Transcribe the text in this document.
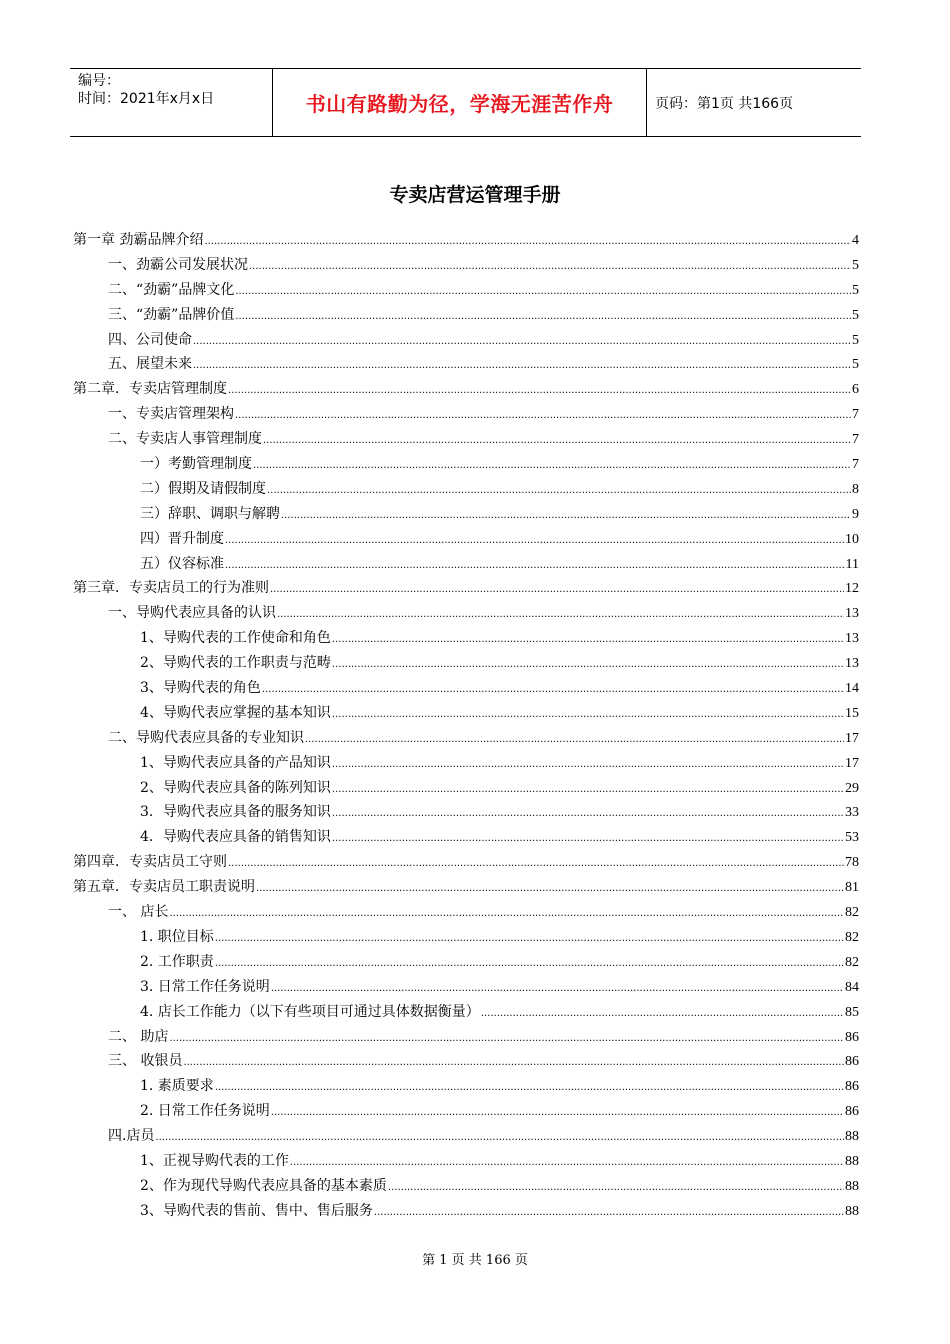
编号：
时间：2021年x月x日	书山有路勤为径，学海无涯苦作舟	页码：第1页 共166页
专卖店营运管理手册
第一章 劲霸品牌介绍 .....	4
一、劲霸公司发展状况 .....	5
二、“劲霸”品牌文化 .....	5
三、“劲霸”品牌价值 .....	5
四、公司使命 .....	5
五、展望未来 .....	5
第二章．专卖店管理制度 .....	6
一、专卖店管理架构 .....	7
二、专卖店人事管理制度 .....	7
一）考勤管理制度 .....	7
二）假期及请假制度 .....	8
三）辞职、调职与解聘 .....	9
四）晋升制度 .....	10
五）仪容标准 .....	11
第三章．专卖店员工的行为准则 .....	12
一、导购代表应具备的认识 .....	13
1、导购代表的工作使命和角色 .....	13
2、导购代表的工作职责与范畴 .....	13
3、导购代表的角色 .....	14
4、导购代表应掌握的基本知识 .....	15
二、导购代表应具备的专业知识 .....	17
1、导购代表应具备的产品知识 .....	17
2、导购代表应具备的陈列知识 .....	29
3．导购代表应具备的服务知识 .....	33
4．导购代表应具备的销售知识 .....	53
第四章．专卖店员工守则 .....	78
第五章．专卖店员工职责说明 .....	81
一、 店长 .....	82
1. 职位目标 .....	82
2. 工作职责 .....	82
3. 日常工作任务说明 .....	84
4. 店长工作能力（以下有些项目可通过具体数据衡量） .....	85
二、 助店 .....	86
三、 收银员 .....	86
1. 素质要求 .....	86
2. 日常工作任务说明 .....	86
四.店员 .....	88
1、正视导购代表的工作 .....	88
2、作为现代导购代表应具备的基本素质 .....	88
3、导购代表的售前、售中、售后服务 .....	88
第 1 页 共 166 页
